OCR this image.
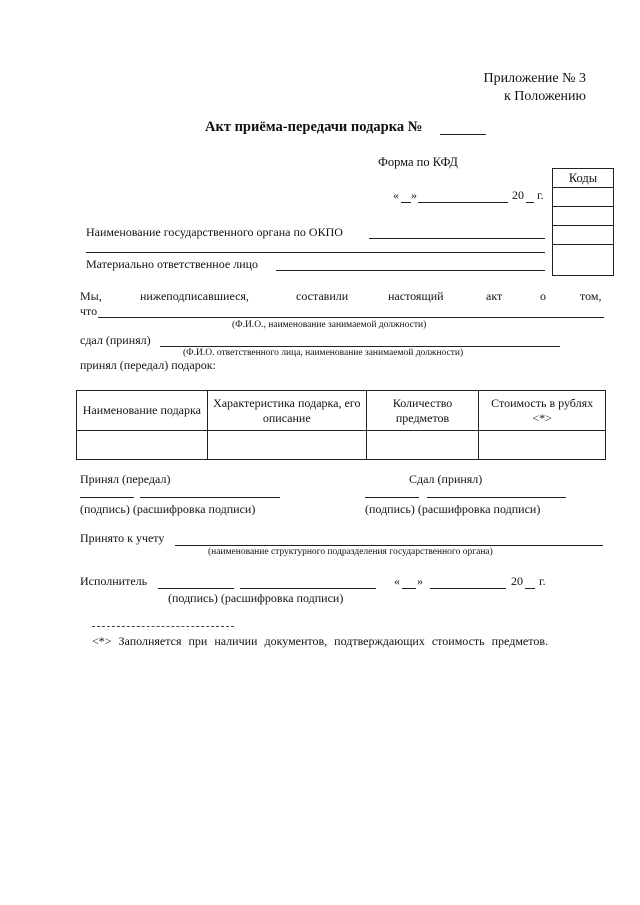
Приложение № 3
к Положению
Акт приёма-передачи подарка №
Форма по КФД
Коды
« »	20 г.
Наименование государственного органа по ОКПО
Материально ответственное лицо
Мы,	нижеподписавшиеся,	составили	настоящий	акт	о	том,
что
(Ф.И.О., наименование занимаемой должности)
сдал (принял)
(Ф.И.О. ответственного лица, наименование занимаемой должности)
принял (передал) подарок:
Наименование подарка	Характеристика подарка, его описание	Количество предметов	Стоимость в рублях <*>

Принял (передал)	Сдал (принял)
(подпись) (расшифровка подписи)	(подпись) (расшифровка подписи)
Принято к учету
(наименование структурного подразделения государственного органа)
Исполнитель	« »	20 г.
(подпись) (расшифровка подписи)
<*> Заполняется при наличии документов, подтверждающих стоимость предметов.
